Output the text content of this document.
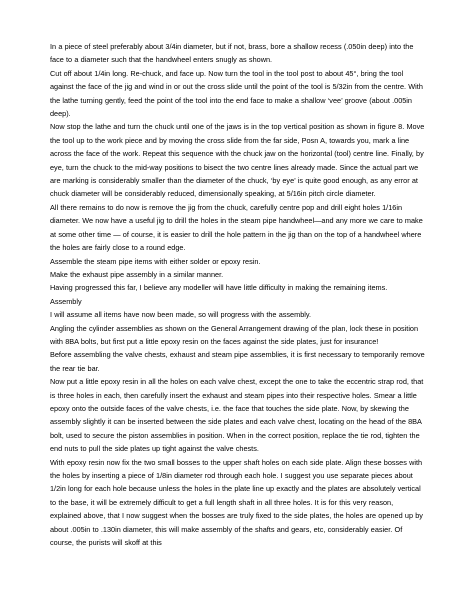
In a piece of steel preferably about 3/4in diameter, but if not, brass, bore a shallow recess (.050in deep) into the face to a diameter such that the handwheel enters snugly as shown.

Cut off about 1/4in long. Re-chuck, and face up. Now turn the tool in the tool post to about 45°, bring the tool against the face of the jig and wind in or out the cross slide until the point of the tool is 5/32in from the centre. With the lathe turning gently, feed the point of the tool into the end face to make a shallow ‘vee’ groove (about .005in deep).

Now stop the lathe and turn the chuck until one of the jaws is in the top vertical position as shown in figure 8. Move the tool up to the work piece and by moving the cross slide from the far side, Posn A, towards you, mark a line across the face of the work. Repeat this sequence with the chuck jaw on the horizontal (tool) centre line. Finally, by eye, turn the chuck to the mid-way positions to bisect the two centre lines already made. Since the actual part we are marking is considerably smaller than the diameter of the chuck, ‘by eye’ is quite good enough, as any error at chuck diameter will be considerably reduced, dimensionally speaking, at 5/16in pitch circle diameter.

All there remains to do now is remove the jig from the chuck, carefully centre pop and drill eight holes 1/16in diameter. We now have a useful jig to drill the holes in the steam pipe handwheel—and any more we care to make at some other time — of course, it is easier to drill the hole pattern in the jig than on the top of a handwheel where the holes are fairly close to a round edge.

Assemble the steam pipe items with either solder or epoxy resin.

Make the exhaust pipe assembly in a similar manner.

Having progressed this far, I believe any modeller will have little difficulty in making the remaining items.

Assembly

I will assume all items have now been made, so will progress with the assembly.

Angling the cylinder assemblies as shown on the General Arrangement drawing of the plan, lock these in position with 8BA bolts, but first put a little epoxy resin on the faces against the side plates, just for insurance!

Before assembling the valve chests, exhaust and steam pipe assemblies, it is first necessary to temporarily remove the rear tie bar.

Now put a little epoxy resin in all the holes on each valve chest, except the one to take the eccentric strap rod, that is three holes in each, then carefully insert the exhaust and steam pipes into their respective holes. Smear a little epoxy onto the outside faces of the valve chests, i.e. the face that touches the side plate. Now, by skewing the assembly slightly it can be inserted between the side plates and each valve chest, locating on the head of the 8BA bolt, used to secure the piston assemblies in position. When in the correct position, replace the tie rod, tighten the end nuts to pull the side plates up tight against the valve chests.

With epoxy resin now fix the two small bosses to the upper shaft holes on each side plate. Align these bosses with the holes by inserting a piece of 1/8in diameter rod through each hole. I suggest you use separate pieces about 1/2in long for each hole because unless the holes in the plate line up exactly and the plates are absolutely vertical to the base, it will be extremely difficult to get a full length shaft in all three holes. It is for this very reason, explained above, that I now suggest when the bosses are truly fixed to the side plates, the holes are opened up by about .005in to .130in diameter, this will make assembly of the shafts and gears, etc, considerably easier. Of course, the purists will skoff at this
